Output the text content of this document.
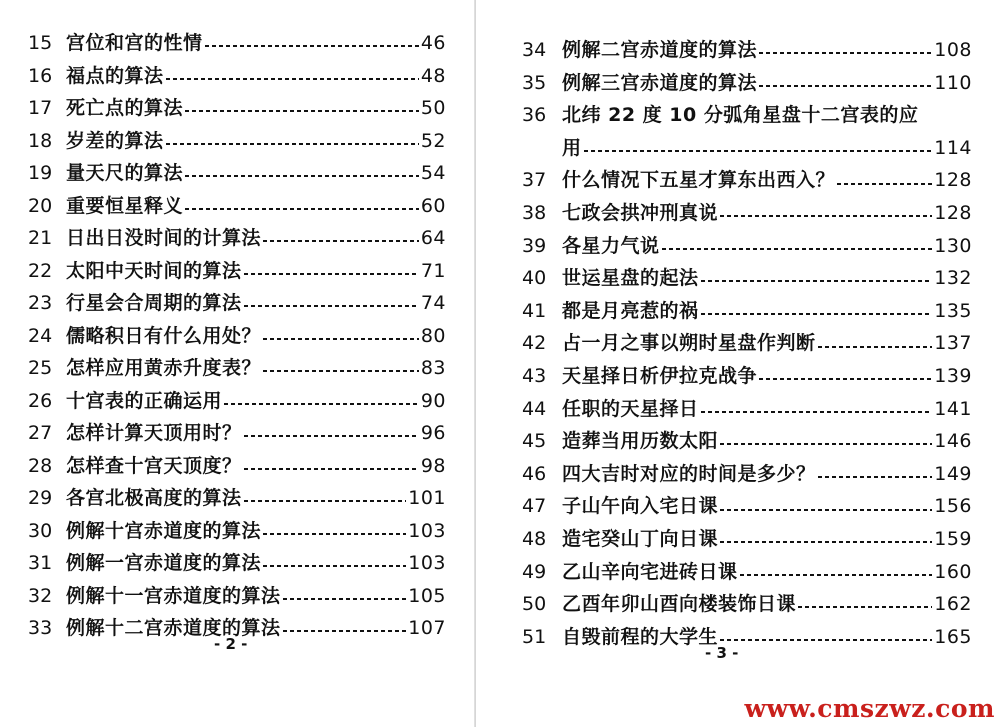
15 宫位和宫的性情	46
16 福点的算法	48
17 死亡点的算法	50
18 岁差的算法	52
19 量天尺的算法	54
20 重要恒星释义	60
21 日出日没时间的计算法	64
22 太阳中天时间的算法	71
23 行星会合周期的算法	74
24 儒略积日有什么用处？	80
25 怎样应用黄赤升度表？	83
26 十宫表的正确运用	90
27 怎样计算天顶用时？	96
28 怎样查十宫天顶度？	98
29 各宫北极高度的算法	101
30 例解十宫赤道度的算法	103
31 例解一宫赤道度的算法	103
32 例解十一宫赤道度的算法	105
33 例解十二宫赤道度的算法	107
- 2 -
34 例解二宫赤道度的算法	108
35 例解三宫赤道度的算法	110
36 北纬 22 度 10 分弧角星盘十二宫表的应
用	114
37 什么情况下五星才算东出西入？	128
38 七政会拱冲刑真说	128
39 各星力气说	130
40 世运星盘的起法	132
41 都是月亮惹的祸	135
42 占一月之事以朔时星盘作判断	137
43 天星择日析伊拉克战争	139
44 任职的天星择日	141
45 造葬当用历数太阳	146
46 四大吉时对应的时间是多少？	149
47 子山午向入宅日课	156
48 造宅癸山丁向日课	159
49 乙山辛向宅进砖日课	160
50 乙酉年卯山酉向楼装饰日课	162
51 自毁前程的大学生	165
- 3 -
www.cmszwz.com
